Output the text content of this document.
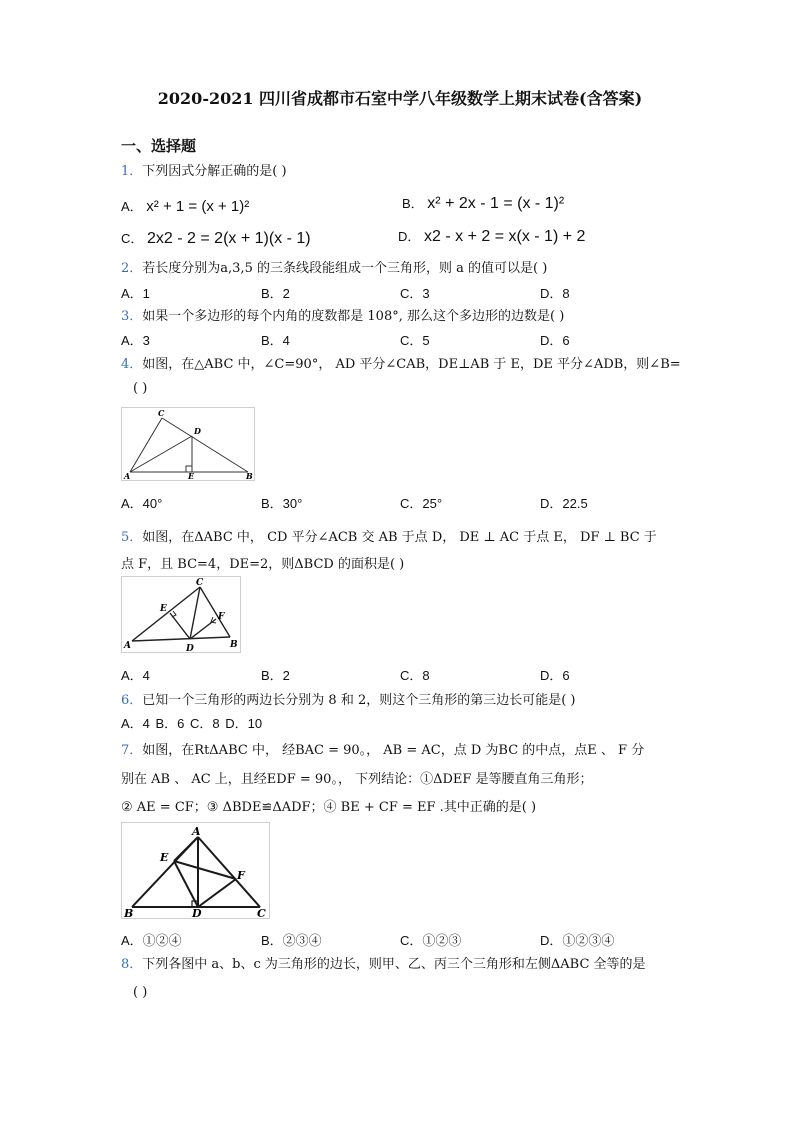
2020-2021 四川省成都市石室中学八年级数学上期末试卷(含答案)
一、选择题
1．下列因式分解正确的是( )
A． x² + 1 = (x + 1)²	B． x² + 2x - 1 = (x - 1)²
C． 2x2 - 2 = 2(x + 1)(x - 1)	D． x2 - x + 2 = x(x - 1) + 2
2．若长度分别为a,3,5 的三条线段能组成一个三角形，则 a 的值可以是( )
A．1	B．2	C．3	D．8
3．如果一个多边形的每个内角的度数都是 108°, 那么这个多边形的边数是( )
A．3	B．4	C．5	D．6
4．如图，在△ABC 中，∠C=90°， AD 平分∠CAB，DE⊥AB 于 E，DE 平分∠ADB，则∠B=
( )
C
D
A	E	B
A．40°	B．30°	C．25°	D．22.5
5．如图，在ΔABC 中， CD 平分∠ACB 交 AB 于点 D， DE ⊥ AC 于点 E， DF ⊥ BC 于
点 F，且 BC=4，DE=2，则ΔBCD 的面积是( )
C
E
F
A	D	B
A．4	B．2	C．8	D．6
6．已知一个三角形的两边长分别为 8 和 2，则这个三角形的第三边长可能是( )
A．4 B．6 C．8 D．10
7．如图，在RtΔABC 中， 经BAC = 90。， AB = AC，点 D 为BC 的中点，点E 、 F 分
别在 AB 、 AC 上，且经EDF = 90。， 下列结论：①ΔDEF 是等腰直角三角形；
② AE = CF；③ ΔBDE≌ΔADF；④ BE + CF = EF .其中正确的是( )
A
E
F
B	D	C
A．①②④	B．②③④	C．①②③	D．①②③④
8．下列各图中 a、b、c 为三角形的边长，则甲、乙、丙三个三角形和左侧ΔABC 全等的是
( )
